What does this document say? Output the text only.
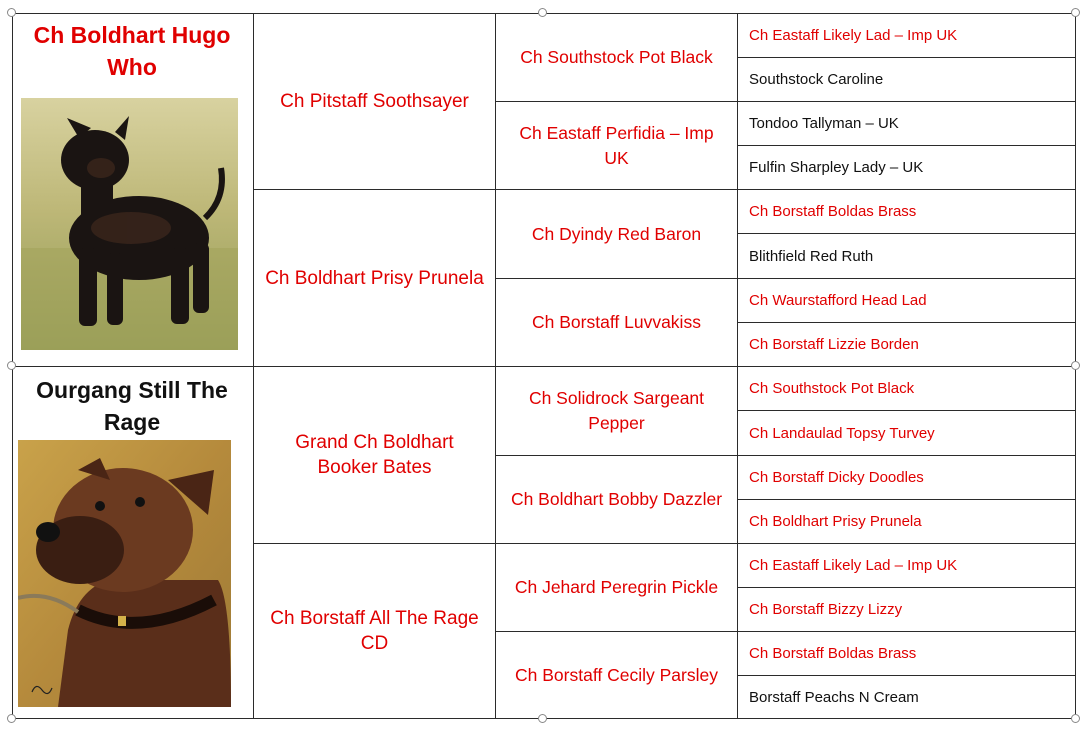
Ch Boldhart Hugo Who
Ch Pitstaff Soothsayer
Ch Boldhart Prisy Prunela
Ch Southstock Pot Black
Ch Eastaff Perfidia – Imp UK
Ch Dyindy Red Baron
Ch Borstaff Luvvakiss
Ch Eastaff Likely Lad – Imp UK
Southstock Caroline
Tondoo Tallyman – UK
Fulfin Sharpley Lady – UK
Ch Borstaff Boldas Brass
Blithfield Red Ruth
Ch Waurstafford Head Lad
Ch Borstaff Lizzie Borden
Ourgang Still The Rage
Grand Ch Boldhart Booker Bates
Ch Borstaff All The Rage CD
Ch Solidrock Sargeant Pepper
Ch Boldhart Bobby Dazzler
Ch Jehard Peregrin Pickle
Ch Borstaff Cecily Parsley
Ch Southstock Pot Black
Ch Landaulad Topsy Turvey
Ch Borstaff Dicky Doodles
Ch Boldhart Prisy Prunela
Ch Eastaff Likely Lad – Imp UK
Ch Borstaff Bizzy Lizzy
Ch Borstaff Boldas Brass
Borstaff Peachs N Cream
